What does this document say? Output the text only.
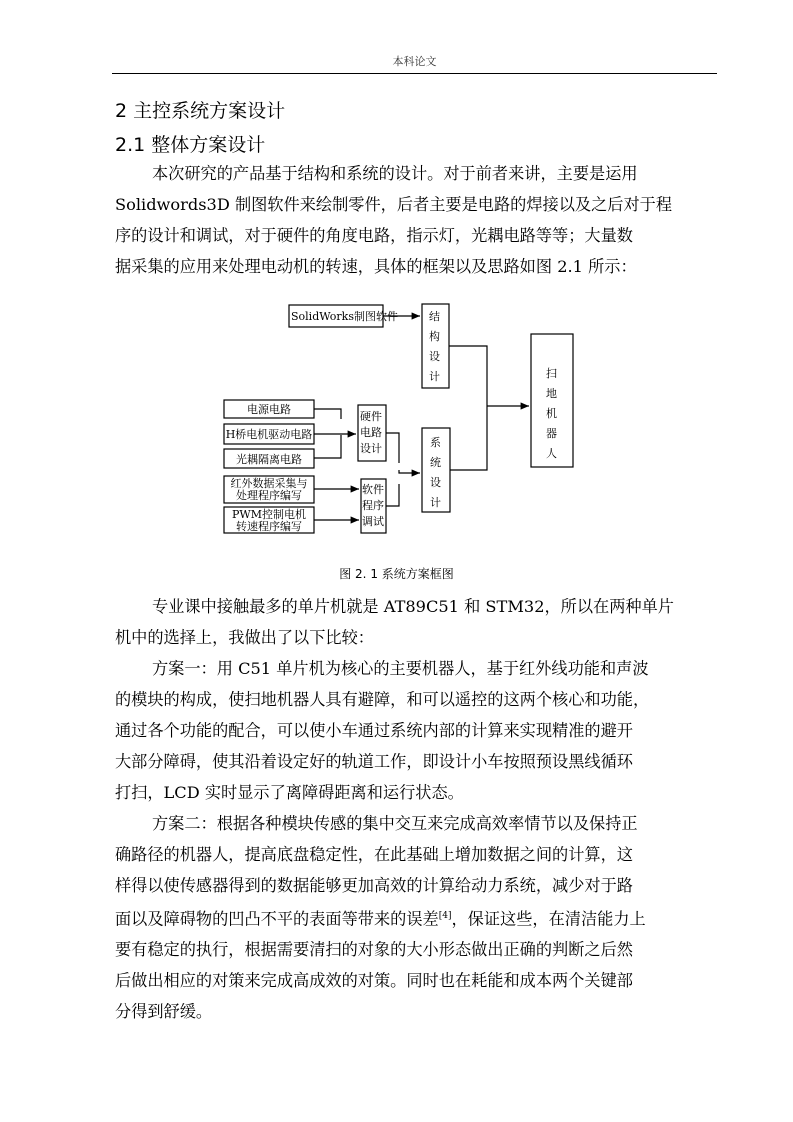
本科论文
2 主控系统方案设计
2.1 整体方案设计
本次研究的产品基于结构和系统的设计。对于前者来讲，主要是运用
Solidwords3D 制图软件来绘制零件，后者主要是电路的焊接以及之后对于程
序的设计和调试，对于硬件的角度电路，指示灯，光耦电路等等；大量数
据采集的应用来处理电动机的转速，具体的框架以及思路如图 2.1 所示：
SolidWorks制图软件	结
构
设
计
电源电路
H桥电机驱动电路
光耦隔离电路
硬件
电路
设计
红外数据采集与
处理程序编写
PWM控制电机
转速程序编写
软件
程序
调试
系
统
设
计
扫
地
机
器
人
图 2. 1 系统方案框图
专业课中接触最多的单片机就是 AT89C51 和 STM32，所以在两种单片
机中的选择上，我做出了以下比较：
方案一：用 C51 单片机为核心的主要机器人，基于红外线功能和声波
的模块的构成，使扫地机器人具有避障，和可以遥控的这两个核心和功能，
通过各个功能的配合，可以使小车通过系统内部的计算来实现精准的避开
大部分障碍，使其沿着设定好的轨道工作，即设计小车按照预设黑线循环
打扫，LCD 实时显示了离障碍距离和运行状态。
方案二：根据各种模块传感的集中交互来完成高效率情节以及保持正
确路径的机器人，提高底盘稳定性，在此基础上增加数据之间的计算，这
样得以使传感器得到的数据能够更加高效的计算给动力系统，减少对于路
面以及障碍物的凹凸不平的表面等带来的误差[4]，保证这些，在清洁能力上
要有稳定的执行，根据需要清扫的对象的大小形态做出正确的判断之后然
后做出相应的对策来完成高成效的对策。同时也在耗能和成本两个关键部
分得到舒缓。
